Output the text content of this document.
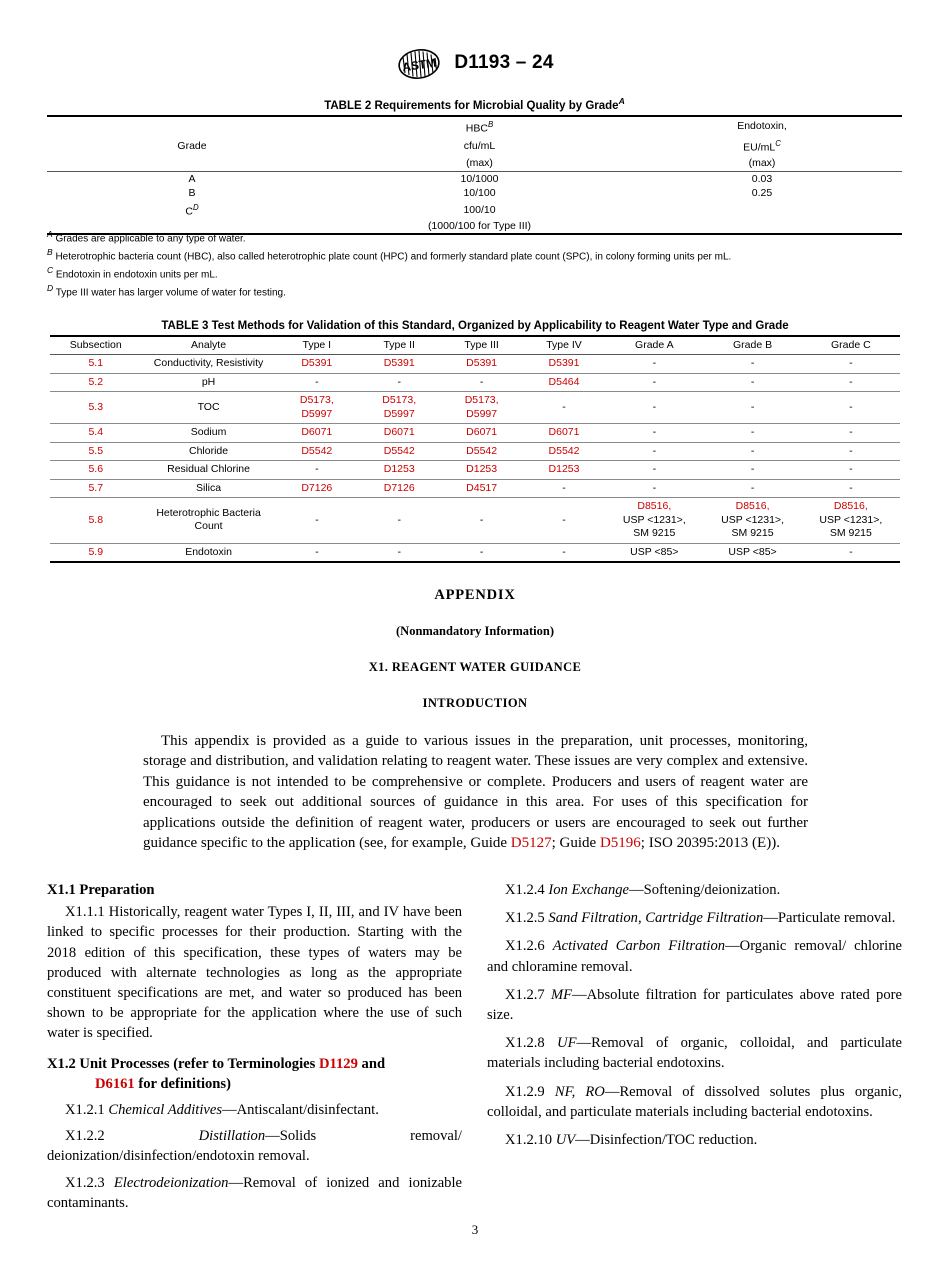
ASTM D1193 – 24
TABLE 2 Requirements for Microbial Quality by Grade$^A$
	$HBC^B$	Endotoxin,
Grade	cfu/mL	$EU/mL^C$
	(max)	(max)
A	10/1000	0.03
B	10/100	0.25
$C^D$	100/10	
	(1000/100 for Type III)	
$^A$ Grades are applicable to any type of water.
$^B$ Heterotrophic bacteria count (HBC), also called heterotrophic plate count (HPC) and formerly standard plate count (SPC), in colony forming units per mL.
$^C$ Endotoxin in endotoxin units per mL.
$^D$ Type III water has larger volume of water for testing.
TABLE 3 Test Methods for Validation of this Standard, Organized by Applicability to Reagent Water Type and Grade
Subsection	Analyte	Type I	Type II	Type III	Type IV	Grade A	Grade B	Grade C
5.1	Conductivity, Resistivity	D5391	D5391	D5391	D5391	-	-	-
5.2	pH	-	-	-	D5464	-	-	-
5.3	TOC	D5173,
D5997	D5173,
D5997	D5173,
D5997	-	-	-	-
5.4	Sodium	D6071	D6071	D6071	D6071	-	-	-
5.5	Chloride	D5542	D5542	D5542	D5542	-	-	-
5.6	Residual Chlorine	-	D1253	D1253	D1253	-	-	-
5.7	Silica	D7126	D7126	D4517	-	-	-	-
5.8	Heterotrophic Bacteria
Count	-	-	-	-	D8516,
USP <1231>,
SM 9215	D8516,
USP <1231>,
SM 9215	D8516,
USP <1231>,
SM 9215
5.9	Endotoxin	-	-	-	-	USP <85>	USP <85>	-
APPENDIX
(Nonmandatory Information)
X1. REAGENT WATER GUIDANCE
INTRODUCTION
This appendix is provided as a guide to various issues in the preparation, unit processes, monitoring, storage and distribution, and validation relating to reagent water. These issues are very complex and extensive. This guidance is not intended to be comprehensive or complete. Producers and users of reagent water are encouraged to seek out additional sources of guidance in this area. For uses of this specification for applications outside the definition of reagent water, producers or users are encouraged to seek out further guidance specific to the application (see, for example, Guide D5127; Guide D5196; ISO 20395:2013 (E)).
X1.1 Preparation

X1.1.1 Historically, reagent water Types I, II, III, and IV have been linked to specific processes for their production. Starting with the 2018 edition of this specification, these types of waters may be produced with alternate technologies as long as the appropriate constituent specifications are met, and water so produced has been shown to be appropriate for the application where the use of such water is specified.

X1.2 Unit Processes (refer to Terminologies D1129 and
D6161 for definitions)

X1.2.1 Chemical Additives—Antiscalant/disinfectant.

X1.2.2	Distillation—Solids removal/ deionization/disinfection/endotoxin removal.

X1.2.3 Electrodeionization—Removal of ionized and ionizable contaminants.

X1.2.4 Ion Exchange—Softening/deionization.

X1.2.5 Sand Filtration, Cartridge Filtration—Particulate removal.

X1.2.6 Activated Carbon Filtration—Organic removal/ chlorine and chloramine removal.

X1.2.7 MF—Absolute filtration for particulates above rated pore size.

X1.2.8 UF—Removal of organic, colloidal, and particulate materials including bacterial endotoxins.

X1.2.9 NF, RO—Removal of dissolved solutes plus organic, colloidal, and particulate materials including bacterial endotoxins.

X1.2.10 UV—Disinfection/TOC reduction.

3
